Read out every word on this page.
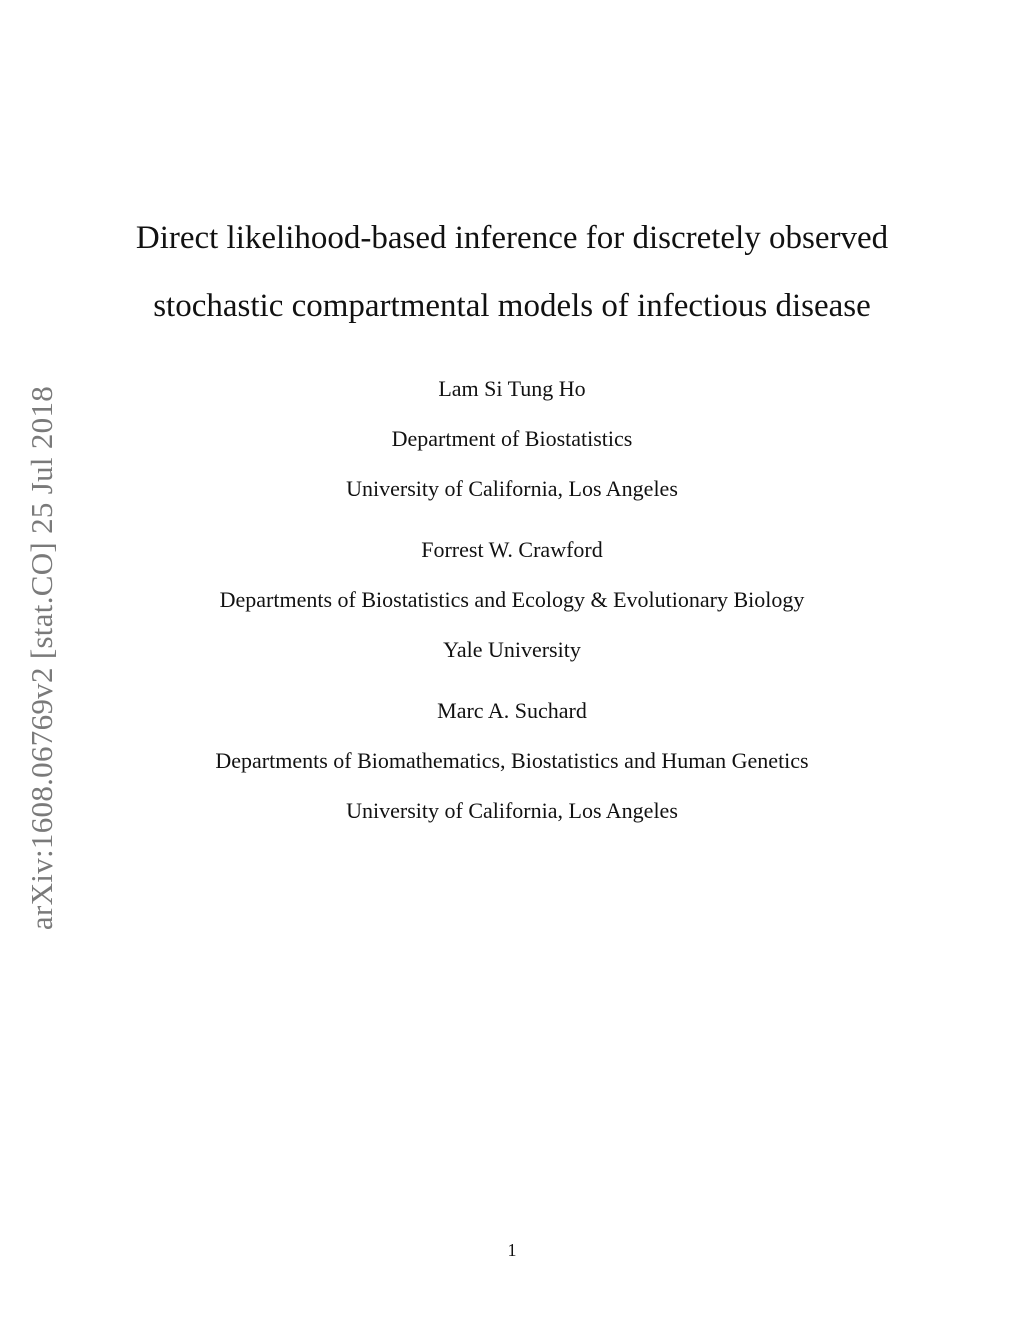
arXiv:1608.06769v2 [stat.CO] 25 Jul 2018
Direct likelihood-based inference for discretely observed
stochastic compartmental models of infectious disease
Lam Si Tung Ho
Department of Biostatistics
University of California, Los Angeles
Forrest W. Crawford
Departments of Biostatistics and Ecology & Evolutionary Biology
Yale University
Marc A. Suchard
Departments of Biomathematics, Biostatistics and Human Genetics
University of California, Los Angeles
1
